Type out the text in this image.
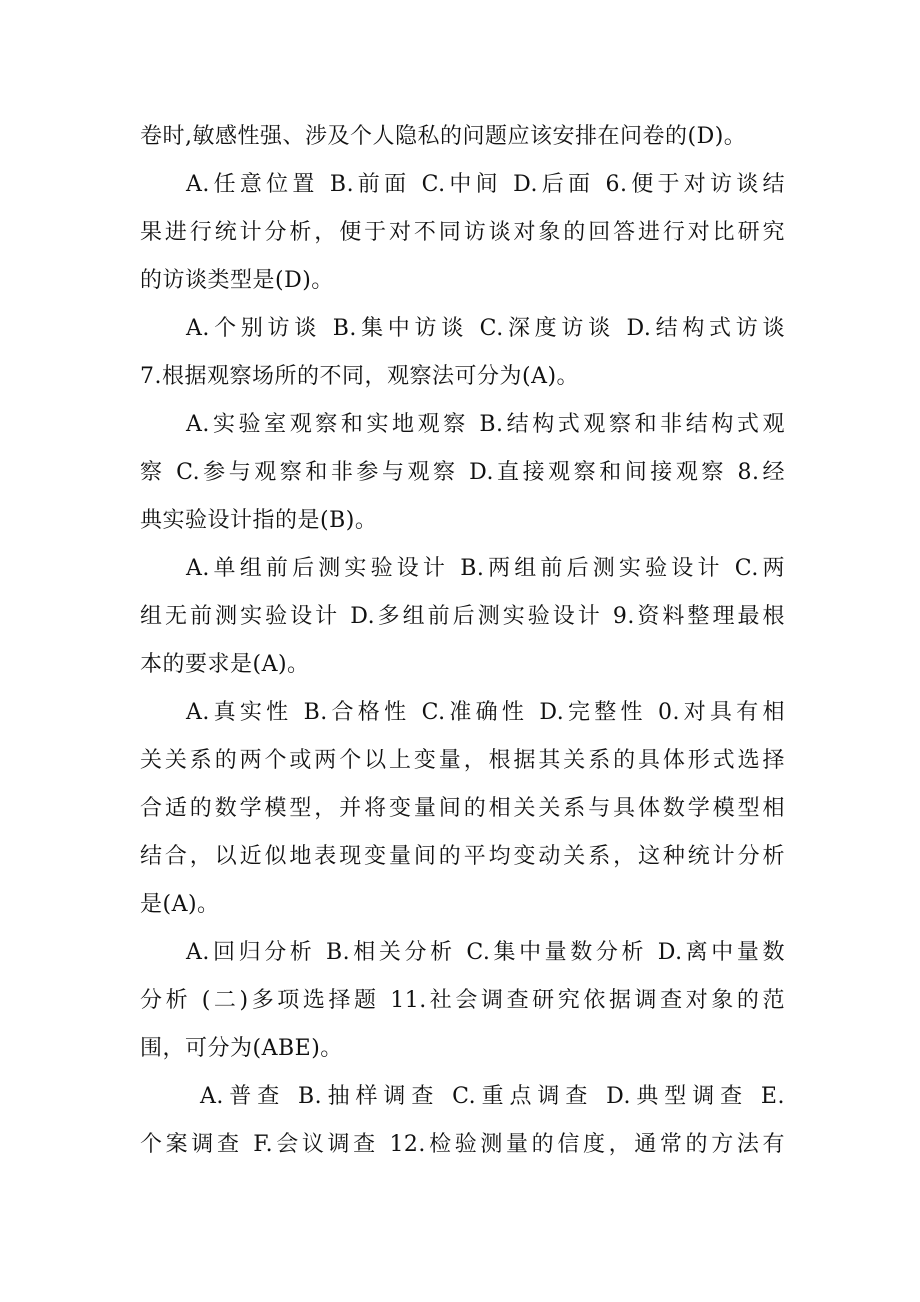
卷时,敏感性强、涉及个人隐私的问题应该安排在问卷的(D)。
A.任意位置 B.前面 C.中间 D.后面 6.便于对访谈结
果进行统计分析，便于对不同访谈对象的回答进行对比研究
的访谈类型是(D)。
A.个别访谈 B.集中访谈 C.深度访谈 D.结构式访谈
7.根据观察场所的不同，观察法可分为(A)。
A.实验室观察和实地观察 B.结构式观察和非结构式观
察 C.参与观察和非参与观察 D.直接观察和间接观察 8.经
典实验设计指的是(B)。
A.单组前后测实验设计 B.两组前后测实验设计 C.两
组无前测实验设计 D.多组前后测实验设计 9.资料整理最根
本的要求是(A)。
A.真实性 B.合格性 C.准确性 D.完整性 0.对具有相
关关系的两个或两个以上变量，根据其关系的具体形式选择
合适的数学模型，并将变量间的相关关系与具体数学模型相
结合，以近似地表现变量间的平均变动关系，这种统计分析
是(A)。
A.回归分析 B.相关分析 C.集中量数分析 D.离中量数
分析 (二)多项选择题 11.社会调查研究依据调查对象的范
围，可分为(ABE)。
A.普查 B.抽样调查 C.重点调查 D.典型调查 E.
个案调查 F.会议调查 12.检验测量的信度，通常的方法有
